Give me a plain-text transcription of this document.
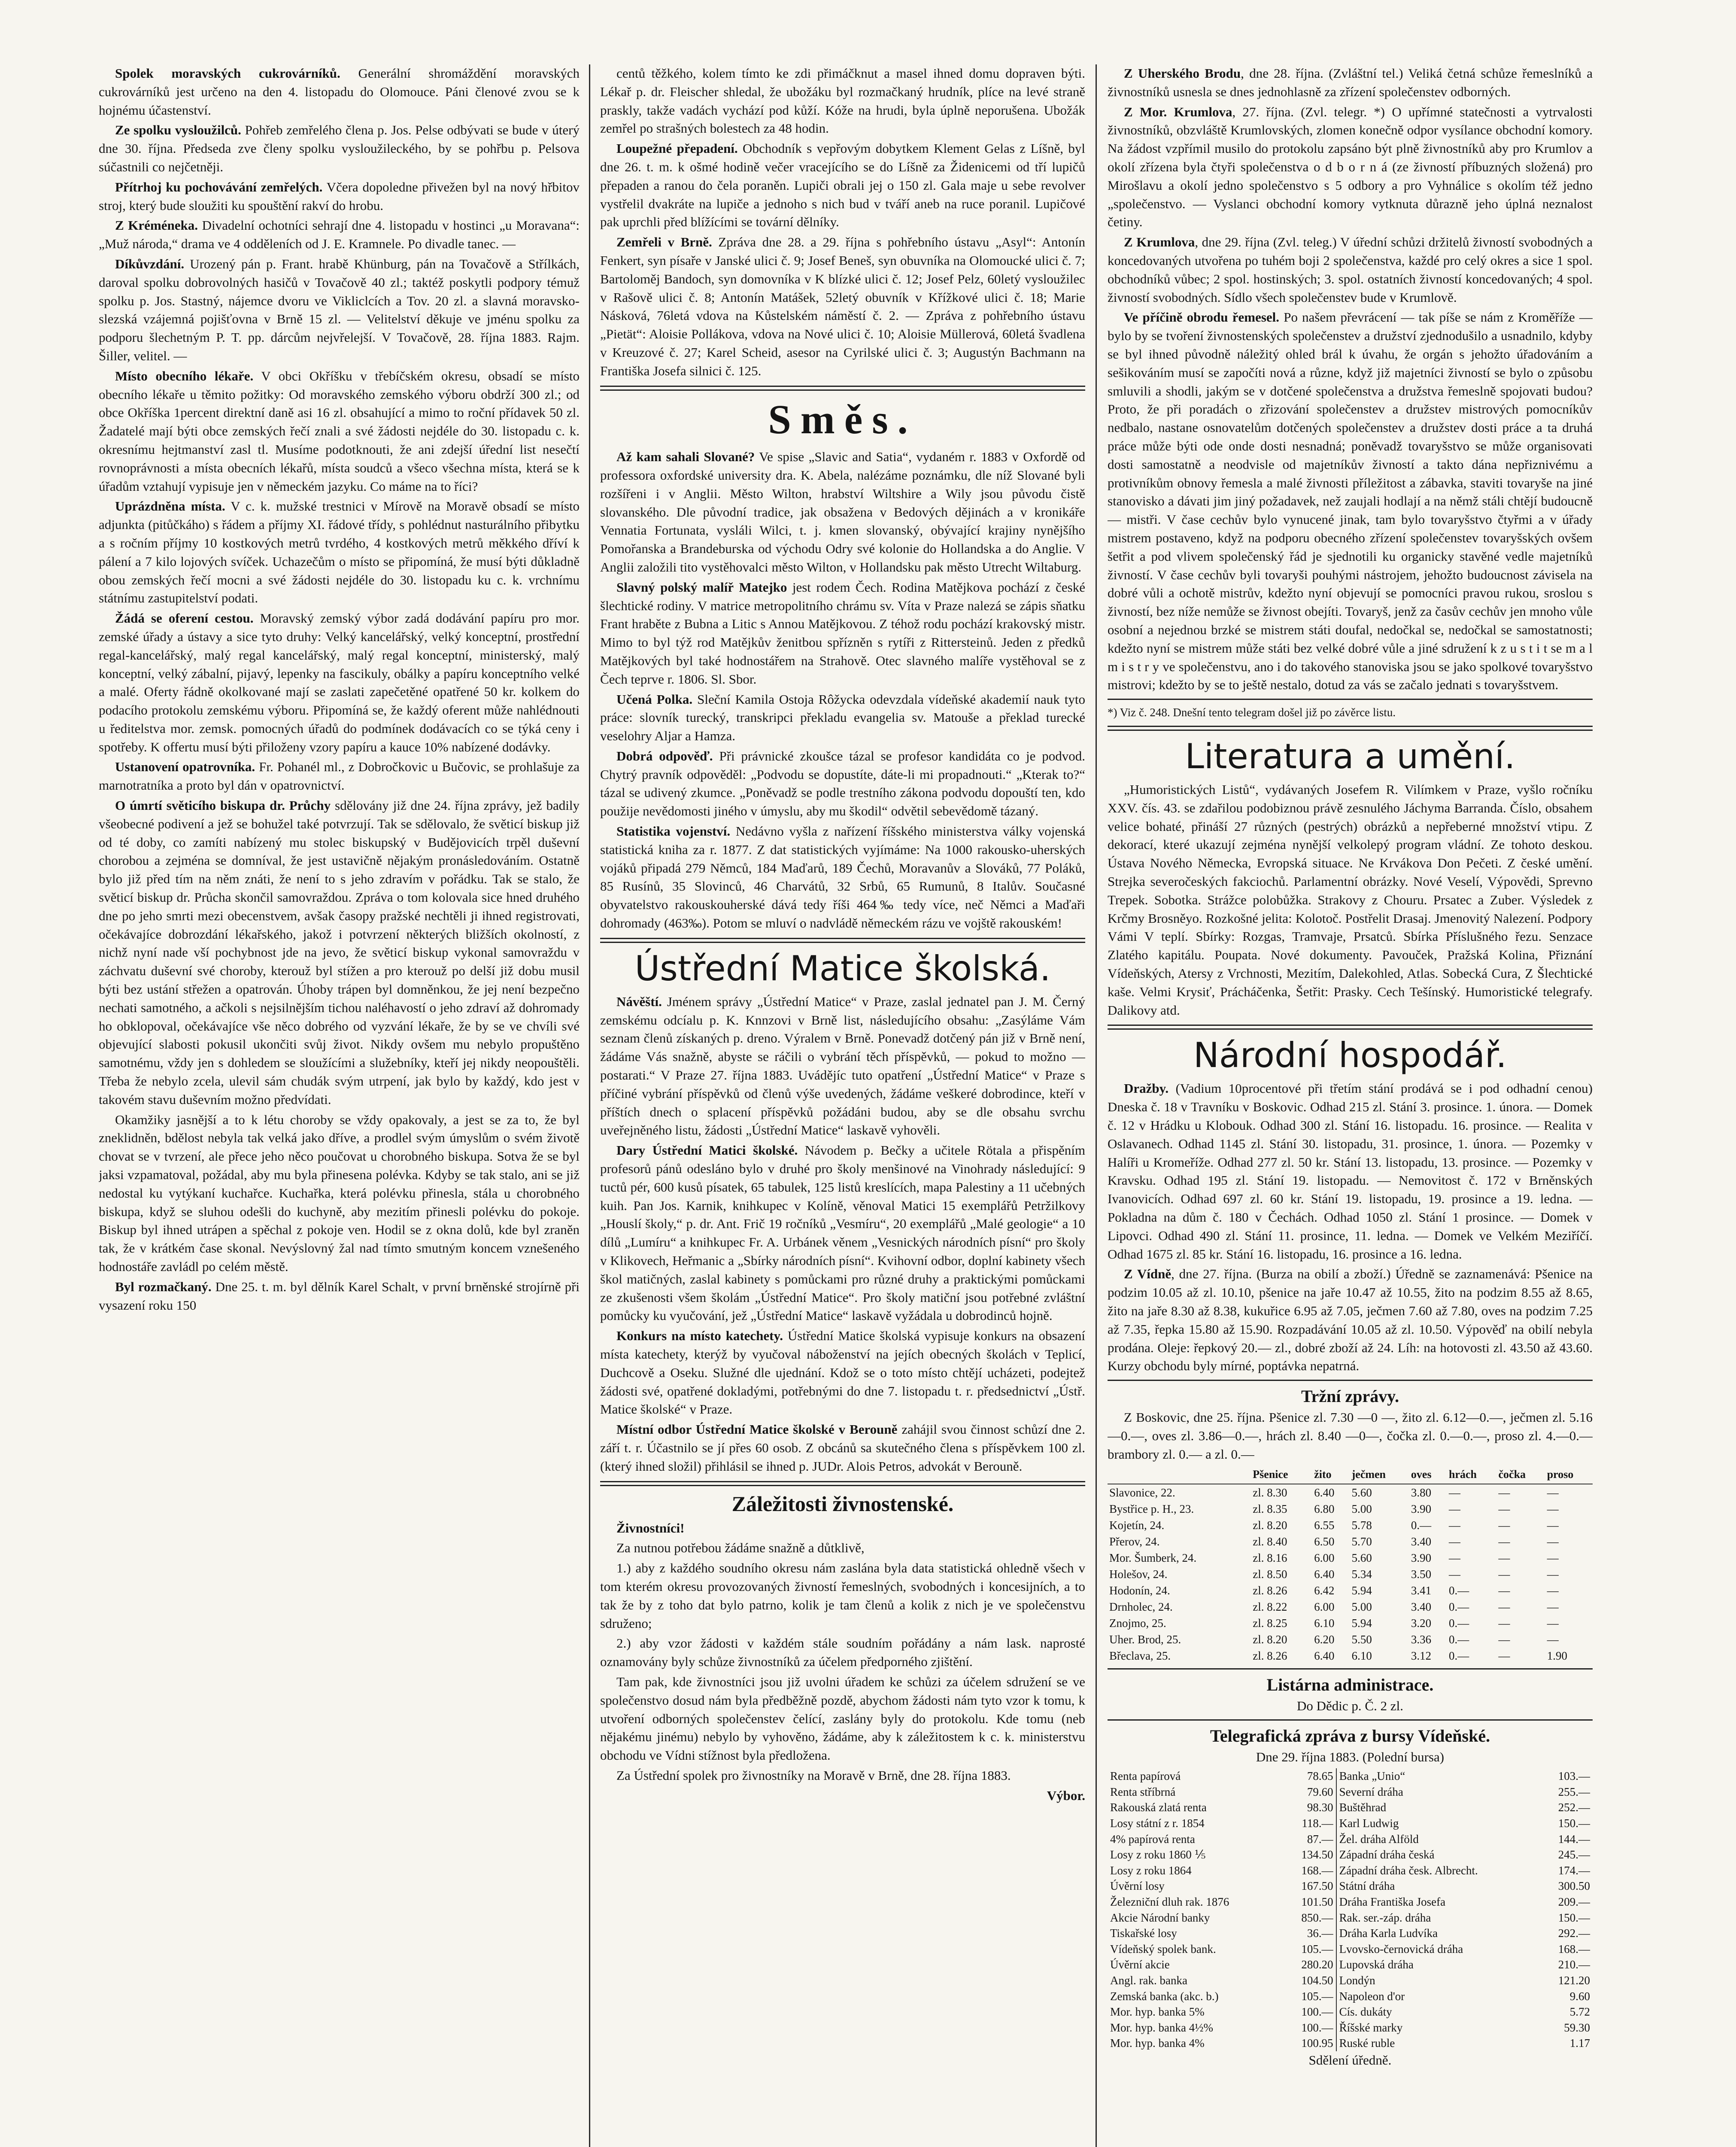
Spolek moravských cukrovárníků. Generální shromáždění moravských cukrovárníků jest určeno na den 4. listopadu do Olomouce. Páni členové zvou se k hojnému účastenství.

Ze spolku vysloužilců. Pohřeb zemřelého člena p. Jos. Pelse odbývati se bude v úterý dne 30. října. Předseda zve členy spolku vysloužileckého, by se pohřbu p. Pelsova súčastnili co nejčetněji.

Přítrhoj ku pochovávání zemřelých. Včera dopoledne přivežen byl na nový hřbitov stroj, který bude sloužiti ku spouštění rakví do hrobu.

Z Kréméneka. Divadelní ochotníci sehrají dne 4. listopadu v hostinci „u Moravana“: „Muž národa,“ drama ve 4 odděleních od J. E. Kramnele. Po divadle tanec. —

Díkůvzdání. Urozený pán p. Frant. hrabě Khünburg, pán na Tovačově a Střílkách, daroval spolku dobrovolných hasičů v Tovačově 40 zl.; taktéž poskytli podpory témuž spolku p. Jos. Stastný, nájemce dvoru ve Vikliclcích a Tov. 20 zl. a slavná moravsko-slezská vzájemná pojišťovna v Brně 15 zl. — Velitelství děkuje ve jménu spolku za podporu šlechetným P. T. pp. dárcům nejvřelejší. V Tovačově, 28. října 1883. Rajm. Šiller, velitel. —

Místo obecního lékaře. V obci Okříšku v třebíčském okresu, obsadí se místo obecního lékaře u těmito požitky: Od moravského zemského výboru obdrží 300 zl.; od obce Okříška 1percent direktní daně asi 16 zl. obsahující a mimo to roční přídavek 50 zl. Žadatelé mají býti obce zemských řečí znali a své žádosti nejdéle do 30. listopadu c. k. okresnímu hejtmanství zasl tl. Musíme podotknouti, že ani zdejší úřední list nesečtí rovnoprávnosti a místa obecních lékařů, místa soudců a všeco všechna místa, která se k úřadům vztahují vypisuje jen v německém jazyku. Co máme na to říci?

Uprázdněna místa. V c. k. mužské trestnici v Mírově na Moravě obsadí se místo adjunkta (pitůčkáho) s řádem a příjmy XI. řádové třídy, s pohlédnut nasturálního přibytku a s ročním příjmy 10 kostkových metrů tvrdého, 4 kostkových metrů měkkého dříví k pálení a 7 kilo lojových svíček. Uchazečům o místo se připomíná, že musí býti důkladně obou zemských řečí mocni a své žádosti nejdéle do 30. listopadu ku c. k. vrchnímu státnímu zastupitelství podati.

Žádá se oferení cestou. Moravský zemský výbor zadá dodávání papíru pro mor. zemské úřady a ústavy a sice tyto druhy: Velký kancelářský, velký konceptní, prostřední regal-kancelářský, malý regal kancelářský, malý regal konceptní, ministerský, malý konceptní, velký zábalní, pijavý, lepenky na fascikuly, obálky a papíru konceptního velké a malé. Oferty řádně okolkované mají se zaslati zapečetěné opatřené 50 kr. kolkem do podacího protokolu zemskému výboru. Připomíná se, že každý oferent může nahlédnouti u ředitelstva mor. zemsk. pomocných úřadů do podmínek dodávacích co se týká ceny i spotřeby. K offertu musí býti přiloženy vzory papíru a kauce 10% nabízené dodávky.

Ustanovení opatrovníka. Fr. Pohanél ml., z Dobročkovic u Bučovic, se prohlašuje za marnotratníka a proto byl dán v opatrovnictví.

O úmrtí světicího biskupa dr. Průchy sdělovány již dne 24. října zprávy, jež badily všeobecné podivení a jež se bohužel také potvrzují. Tak se sdělovalo, že světicí biskup již od té doby, co zamíti nabízený mu stolec biskupský v Budějovicích trpěl duševní chorobou a zejména se domníval, že jest ustavičně nějakým pronásledováním. Ostatně bylo již před tím na něm znáti, že není to s jeho zdravím v pořádku. Tak se stalo, že světicí biskup dr. Průcha skončil samovraždou. Zpráva o tom kolovala sice hned druhého dne po jeho smrti mezi obecenstvem, avšak časopy pražské nechtěli ji ihned registrovati, očekávajíce dobrozdání lékařského, jakož i potvrzení některých bližších okolností, z nichž nyní nade vší pochybnost jde na jevo, že světicí biskup vykonal samovraždu v záchvatu duševní své choroby, kterouž byl stížen a pro kterouž po delší již dobu musil býti bez ustání střežen a opatrován. Úhoby trápen byl domněnkou, že jej není bezpečno nechati samotného, a ačkoli s nejsilnějším tichou naléhavostí o jeho zdraví až dohromady ho obklopoval, očekávajíce vše něco dobrého od vyzvání lékaře, že by se ve chvíli své objevující slabosti pokusil ukončiti svůj život. Nikdy ovšem mu nebylo propuštěno samotnému, vždy jen s dohledem se sloužícími a služebníky, kteří jej nikdy neopouštěli. Třeba že nebylo zcela, ulevil sám chudák svým utrpení, jak bylo by každý, kdo jest v takovém stavu duševním možno předvídati.

Okamžiky jasnější a to k létu choroby se vždy opakovaly, a jest se za to, že byl zneklidněn, bdělost nebyla tak velká jako dříve, a prodlel svým úmyslům o svém životě chovat se v tvrzení, ale přece jeho něco poučovat u chorobného biskupa. Sotva že se byl jaksi vzpamatoval, požádal, aby mu byla přinesena polévka. Kdyby se tak stalo, ani se již nedostal ku vytýkaní kuchařce. Kuchařka, která polévku přinesla, stála u chorobného biskupa, když se sluhou odešli do kuchyně, aby mezitím přinesli polévku do pokoje. Biskup byl ihned utrápen a spěchal z pokoje ven. Hodil se z okna dolů, kde byl zraněn tak, že v krátkém čase skonal. Nevýslovný žal nad tímto smutným koncem vznešeného hodnostáře zavládl po celém městě.

Byl rozmačkaný. Dne 25. t. m. byl dělník Karel Schalt, v první brněnské strojírně při vysazení roku 150

centů těžkého, kolem tímto ke zdi přimáčknut a masel ihned domu dopraven býti. Lékař p. dr. Fleischer shledal, že ubožáku byl rozmačkaný hrudník, plíce na levé straně praskly, takže vadách vychází pod kůží. Kóže na hrudi, byla úplně neporušena. Ubožák zemřel po strašných bolestech za 48 hodin.

Loupežné přepadení. Obchodník s vepřovým dobytkem Klement Gelas z Líšně, byl dne 26. t. m. k ošmé hodině večer vracejícího se do Líšně za Židenicemi od tří lupičů přepaden a ranou do čela poraněn. Lupiči obrali jej o 150 zl. Gala maje u sebe revolver vystřelil dvakráte na lupiče a jednoho s nich bud v tváří aneb na ruce poranil. Lupičové pak uprchli před blížícími se tovární dělníky.

Zemřeli v Brně. Zpráva dne 28. a 29. října s pohřebního ústavu „Asyl“: Antonín Fenkert, syn písaře v Janské ulici č. 9; Josef Beneš, syn obuvníka na Olomoucké ulici č. 7; Bartoloměj Bandoch, syn domovníka v K blízké ulici č. 12; Josef Pelz, 60letý vysloužilec v Rašově ulici č. 8; Antonín Matášek, 52letý obuvník v Křížkové ulici č. 18; Marie Násková, 76letá vdova na Kůstelském náměstí č. 2. — Zpráva z pohřebního ústavu „Pietät“: Aloisie Pollákova, vdova na Nové ulici č. 10; Aloisie Müllerová, 60letá švadlena v Kreuzové č. 27; Karel Scheid, asesor na Cyrilské ulici č. 3; Augustýn Bachmann na Františka Josefa silnici č. 125.

Směs.

Až kam sahali Slované? Ve spise „Slavic and Satia“, vydaném r. 1883 v Oxfordě od professora oxfordské university dra. K. Abela, nalézáme poznámku, dle níž Slované byli rozšířeni i v Anglii. Město Wilton, hrabství Wiltshire a Wily jsou původu čistě slovanského. Dle původní tradice, jak obsažena v Bedových dějinách a v kronikáře Vennatia Fortunata, vysláli Wilci, t. j. kmen slovanský, obývající krajiny nynějšího Pomořanska a Brandeburska od východu Odry své kolonie do Hollandska a do Anglie. V Anglii založili tito vystěhovalci město Wilton, v Hollandsku pak město Utrecht Wiltaburg.

Slavný polský malíř Matejko jest rodem Čech. Rodina Matějkova pochází z české šlechtické rodiny. V matrice metropolitního chrámu sv. Víta v Praze nalezá se zápis sňatku Frant hraběte z Bubna a Litic s Annou Matějkovou. Z téhož rodu pochází krakovský mistr. Mimo to byl týž rod Matějkův ženitbou spřízněn s rytíři z Rittersteinů. Jeden z předků Matějkových byl také hodnostářem na Strahově. Otec slavného malíře vystěhoval se z Čech teprve r. 1806. Sl. Sbor.

Učená Polka. Sleční Kamila Ostoja Rôžycka odevzdala vídeňské akademií nauk tyto práce: slovník turecký, transkripci překladu evangelia sv. Matouše a překlad turecké veselohry Aljar a Hamza.

Dobrá odpověď. Při právnické zkoušce tázal se profesor kandidáta co je podvod. Chytrý pravník odpověděl: „Podvodu se dopustíte, dáte-li mi propadnouti.“ „Kterak to?“ tázal se udivený zkumce. „Poněvadž se podle trestního zákona podvodu dopouští ten, kdo použije nevědomosti jiného v úmyslu, aby mu škodil“ odvětil sebevědomě tázaný.

Statistika vojenství. Nedávno vyšla z nařízení říšského ministerstva války vojenská statistická kniha za r. 1877. Z dat statistických vyjímáme: Na 1000 rakousko-uherských vojáků připadá 279 Němců, 184 Maďarů, 189 Čechů, Moravanův a Slováků, 77 Poláků, 85 Rusínů, 35 Slovinců, 46 Charvátů, 32 Srbů, 65 Rumunů, 8 Italův. Současné obyvatelstvo rakouskouherské dává tedy říši 464‰ tedy více, neč Němci a Maďaři dohromady (463‰). Potom se mluví o nadvládě německém rázu ve vojště rakouském!

Ústřední Matice školská.

Návěští. Jménem správy „Ústřední Matice“ v Praze, zaslal jednatel pan J. M. Černý zemskému odcíalu p. K. Knnzovi v Brně list, následujícího obsahu: „Zasýláme Vám seznam členů získaných p. dreno. Výralem v Brně. Ponevadž dotčený pán již v Brně není, žádáme Vás snažně, abyste se ráčili o vybrání těch příspěvků, — pokud to možno — postarati.“ V Praze 27. října 1883. Uvádějíc tuto opatření „Ústřední Matice“ v Praze s příčiné vybrání příspěvků od členů výše uvedených, žádáme veškeré dobrodince, kteří v příštích dnech o splacení příspěvků požádáni budou, aby se dle obsahu svrchu uveřejněného listu, žádosti „Ústřední Matice“ laskavě vyhověli.

Dary Ústřední Matici školské. Návodem p. Bečky a učitele Rötala a přispěním profesorů pánů odesláno bylo v druhé pro školy menšinové na Vinohrady následující: 9 tuctů pér, 600 kusů písatek, 65 tabulek, 125 listů kreslících, mapa Palestiny a 11 učebných kuih. Pan Jos. Karnik, knihkupec v Kolíně, věnoval Matici 15 exemplářů Petržilkovy „Houslí školy,“ p. dr. Ant. Frič 19 ročníků „Vesmíru“, 20 exemplářů „Malé geologie“ a 10 dílů „Lumíru“ a knihkupec Fr. A. Urbánek věnem „Vesnických národních písní“ pro školy v Klikovech, Heřmanic a „Sbírky národních písní“. Kvihovní odbor, doplní kabinety všech škol matičných, zaslal kabinety s pomůckami pro různé druhy a praktickými pomůckami ze zkušenosti všem školám „Ústřední Matice“. Pro školy matiční jsou potřebné zvláštní pomůcky ku vyučování, jež „Ústřední Matice“ laskavě vyžádala u dobrodinců hojně.

Konkurs na místo katechety. Ústřední Matice školská vypisuje konkurs na obsazení místa katechety, kterýž by vyučoval náboženství na jejích obecných školách v Teplicí, Duchcově a Oseku. Služné dle ujednání. Kdož se o toto místo chtějí ucházeti, podejtež žádosti své, opatřené dokladými, potřebnými do dne 7. listopadu t. r. předsednictví „Ústř. Matice školské“ v Praze.

Místní odbor Ústřední Matice školské v Berouně zahájil svou činnost schůzí dne 2. září t. r. Účastnilo se jí přes 60 osob. Z obcánů sa skutečného člena s příspěvkem 100 zl. (který ihned složil) přihlásil se ihned p. JUDr. Alois Petros, advokát v Berouně.

Záležitosti živnostenské.

Živnostníci!

Za nutnou potřebou žádáme snažně a důtklivě,

1.) aby z každého soudního okresu nám zaslána byla data statistická ohledně všech v tom kterém okresu provozovaných živností řemeslných, svobodných i koncesijních, a to tak že by z toho dat bylo patrno, kolik je tam členů a kolik z nich je ve společenstvu sdruženo;

2.) aby vzor žádosti v každém stále soudním pořádány a nám lask. naprosté oznamovány byly schůze živnostníků za účelem předporného zjištění.

Tam pak, kde živnostníci jsou již uvolni úřadem ke schůzi za účelem sdružení se ve společenstvo dosud nám byla předběžně pozdě, abychom žádosti nám tyto vzor k tomu, k utvoření odborných společenstev čelící, zaslány byly do protokolu. Kde tomu (neb nějakému jinému) nebylo by vyhověno, žádáme, aby k záležitostem k c. k. ministerstvu obchodu ve Vídni stížnost byla předložena.

Za Ústřední spolek pro živnostníky na Moravě v Brně, dne 28. října 1883.

Výbor.

Z Uherského Brodu, dne 28. října. (Zvláštní tel.) Veliká četná schůze řemeslníků a živnostníků usnesla se dnes jednohlasně za zřízení společenstev odborných.

Z Mor. Krumlova, 27. října. (Zvl. telegr. *) O upřímné statečnosti a vytrvalosti živnostníků, obzvláště Krumlovských, zlomen konečně odpor vysílance obchodní komory. Na žádost vzpřímil musilo do protokolu zapsáno být plně živnostníků aby pro Krumlov a okolí zřízena byla čtyři společenstva o d b o r n á (ze živností příbuzných složená) pro Mirošlavu a okolí jedno společenstvo s 5 odbory a pro Vyhnálice s okolím též jedno „společenstvo. — Vyslanci obchodní komory vytknuta důrazně jeho úplná neznalost četiny.

Z Krumlova, dne 29. října (Zvl. teleg.) V úřední schůzi držitelů živností svobodných a koncedovaných utvořena po tuhém boji 2 společenstva, každé pro celý okres a sice 1 spol. obchodníků vůbec; 2 spol. hostinských; 3. spol. ostatních živností koncedovaných; 4 spol. živností svobodných. Sídlo všech společenstev bude v Krumlově.

Ve příčině obrodu řemesel. Po našem převrácení — tak píše se nám z Kroměříže — bylo by se tvoření živnostenských společenstev a družství zjednodušilo a usnadnilo, kdyby se byl ihned původně náležitý ohled brál k úvahu, že orgán s jehožto úřadováním a sešikováním musí se započíti nová a různe, když již majetníci živností se bylo o způsobu smluvili a shodli, jakým se v dotčené společenstva a družstva řemeslně spojovati budou? Proto, že při poradách o zřizování společenstev a družstev mistrových pomocníkův nedbalo, nastane osnovatelům dotčených společenstev a družstev dosti práce a ta druhá práce může býti ode onde dosti nesnadná; poněvadž tovaryšstvo se může organisovati dosti samostatně a neodvisle od majetníkův živností a takto dána nepřiznivému a protivníkům obnovy řemesla a malé živnosti příležitost a zábavka, staviti tovaryše na jiné stanovisko a dávati jim jiný požadavek, než zaujali hodlají a na němž stáli chtějí budoucně — mistři. V čase cechův bylo vynucené jinak, tam bylo tovaryšstvo čtyřmi a v úřady mistrem postaveno, když na podporu obecného zřízení společenstev tovaryšských ovšem šetřit a pod vlivem společenský řád je sjednotili ku organicky stavěné vedle majetníků živností. V čase cechův byli tovaryši pouhými nástrojem, jehožto budoucnost závisela na dobré vůli a ochotě mistrův, kdežto nyní objevují se pomocníci pravou rukou, sroslou s živností, bez níže nemůže se živnost obejíti. Tovaryš, jenž za časův cechův jen mnoho vůle osobní a nejednou brzké se mistrem státi doufal, nedočkal se, nedočkal se samostatnosti; kdežto nyní se mistrem může státi bez velké dobré vůle a jiné sdružení k z u s t i t se m a l m i s t r y ve společenstvu, ano i do takového stanoviska jsou se jako spolkové tovaryšstvo mistrovi; kdežto by se to ještě nestalo, dotud za vás se začalo jednati s tovaryšstvem.

*) Viz č. 248. Dnešní tento telegram došel již po závěrce listu.

Literatura a umění.

„Humoristických Listů“, vydávaných Josefem R. Vilímkem v Praze, vyšlo ročníku XXV. čís. 43. se zdařilou podobiznou právě zesnulého Jáchyma Barranda. Číslo, obsahem velice bohaté, přináší 27 různých (pestrých) obrázků a nepřeberné množství vtipu. Z dekorací, které ukazují zejména nynější velkolepý program vládní. Ze tohoto deskou. Ústava Nového Německa, Evropská situace. Ne Krvákova Don Pečeti. Z české umění. Strejka severočeských fakciochů. Parlamentní obrázky. Nové Veselí, Výpovědi, Sprevno Trepek. Sobotka. Strážce polobůžka. Strakovy z Chouru. Prsatec a Zuber. Výsledek z Krčmy Brosněyo. Rozkošné jelita: Kolotoč. Postřelit Drasaj. Jmenovitý Nalezení. Podpory Vámi V teplí. Sbírky: Rozgas, Tramvaje, Prsatců. Sbírka Příslušného řezu. Senzace Zlatého kapitálu. Poupata. Nové dokumenty. Pavouček, Pražská Kolina, Přiznání Vídeňských, Atersy z Vrchnosti, Mezitím, Dalekohled, Atlas. Sobecká Cura, Z Šlechtické kaše. Velmi Krysiť, Prácháčenka, Šetřit: Prasky. Cech Tešínský. Humoristické telegrafy. Dalikovy atd.

Národní hospodář.

Dražby. (Vadium 10procentové při třetím stání prodává se i pod odhadní cenou) Dneska č. 18 v Travníku v Boskovic. Odhad 215 zl. Stání 3. prosince. 1. února. — Domek č. 12 v Hrádku u Klobouk. Odhad 300 zl. Stání 16. listopadu. 16. prosince. — Realita v Oslavanech. Odhad 1145 zl. Stání 30. listopadu, 31. prosince, 1. února. — Pozemky v Halíři u Kromeříže. Odhad 277 zl. 50 kr. Stání 13. listopadu, 13. prosince. — Pozemky v Kravsku. Odhad 195 zl. Stání 19. listopadu. — Nemovitost č. 172 v Brněnských Ivanovicích. Odhad 697 zl. 60 kr. Stání 19. listopadu, 19. prosince a 19. ledna. — Pokladna na dům č. 180 v Čechách. Odhad 1050 zl. Stání 1 prosince. — Domek v Lipovci. Odhad 490 zl. Stání 11. prosince, 11. ledna. — Domek ve Velkém Meziříčí. Odhad 1675 zl. 85 kr. Stání 16. listopadu, 16. prosince a 16. ledna.

Z Vídně, dne 27. října. (Burza na obilí a zboží.) Úředně se zaznamenává: Pšenice na podzim 10.05 až zl. 10.10, pšenice na jaře 10.47 až 10.55, žito na podzim 8.55 až 8.65, žito na jaře 8.30 až 8.38, kukuřice 6.95 až 7.05, ječmen 7.60 až 7.80, oves na podzim 7.25 až 7.35, řepka 15.80 až 15.90. Rozpadávání 10.05 až zl. 10.50. Výpověď na obilí nebyla prodána. Oleje: řepkový 20.— zl., dobré zboží až 24. Líh: na hotovosti zl. 43.50 až 43.60. Kurzy obchodu byly mírné, poptávka nepatrná.

Tržní zprávy.

Z Boskovic, dne 25. října. Pšenice zl. 7.30 —0 —, žito zl. 6.12—0.—, ječmen zl. 5.16—0.—, oves zl. 3.86—0.—, hrách zl. 8.40 —0—, čočka zl. 0.—0.—, proso zl. 4.—0.— brambory zl. 0.— a zl. 0.—

	Pšenice	žito	ječmen	oves	hrách	čočka	proso
Slavonice, 22.	zl. 8.30	6.40	5.60	3.80	—	—	—
Bystřice p. H., 23.	zl. 8.35	6.80	5.00	3.90	—	—	—
Kojetín, 24.	zl. 8.20	6.55	5.78	0.—	—	—	—
Přerov, 24.	zl. 8.40	6.50	5.70	3.40	—	—	—
Mor. Šumberk, 24.	zl. 8.16	6.00	5.60	3.90	—	—	—
Holešov, 24.	zl. 8.50	6.40	5.34	3.50	—	—	—
Hodonín, 24.	zl. 8.26	6.42	5.94	3.41	0.—	—	—
Drnholec, 24.	zl. 8.22	6.00	5.00	3.40	0.—	—	—
Znojmo, 25.	zl. 8.25	6.10	5.94	3.20	0.—	—	—
Uher. Brod, 25.	zl. 8.20	6.20	5.50	3.36	0.—	—	—
Břeclava, 25.	zl. 8.26	6.40	6.10	3.12	0.—	—	1.90
Listárna administrace.

Do Dědic p. Č. 2 zl.

Telegrafická zpráva z bursy Vídeňské.

Dne 29. října 1883. (Polední bursa)

Renta papírová	78.65	Banka „Unio“	103.—
Renta stříbrná	79.60	Severní dráha	255.—
Rakouská zlatá renta	98.30	Buštěhrad	252.—
Losy státní z r. 1854	118.—	Karl Ludwig	150.—
4% papírová renta	87.—	Žel. dráha Alföld	144.—
Losy z roku 1860 ⅕	134.50	Západní dráha česká	245.—
Losy z roku 1864	168.—	Západní dráha česk. Albrecht.	174.—
Úvěrní losy	167.50	Státní dráha	300.50
Železniční dluh rak. 1876	101.50	Dráha Františka Josefa	209.—
Akcie Národní banky	850.—	Rak. ser.-záp. dráha	150.—
Tiskařské losy	36.—	Dráha Karla Ludvíka	292.—
Vídeňský spolek bank.	105.—	Lvovsko-černovická dráha	168.—
Úvěrní akcie	280.20	Lupovská dráha	210.—
Angl. rak. banka	104.50	Londýn	121.20
Zemská banka (akc. b.)	105.—	Napoleon d'or	9.60
Mor. hyp. banka 5%	100.—	Cís. dukáty	5.72
Mor. hyp. banka 4½%	100.—	Říšské marky	59.30
Mor. hyp. banka 4%	100.95	Ruské ruble	1.17

Sdělení úředně.
